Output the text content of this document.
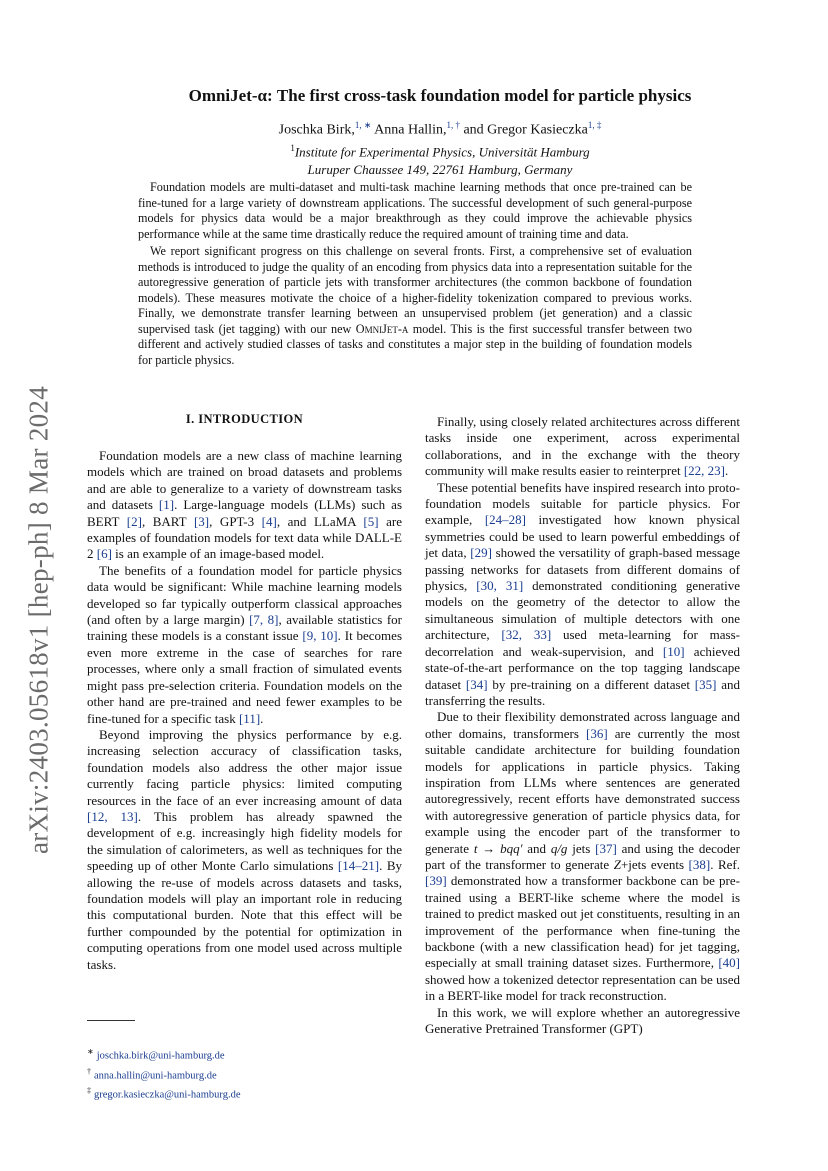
arXiv:2403.05618v1 [hep-ph] 8 Mar 2024
OmniJet-α: The first cross-task foundation model for particle physics
Joschka Birk,$^{1, ∗}$ Anna Hallin,$^{1, \dagger}$ and Gregor Kasieczka$^{1, \ddagger}$
$^1$Institute for Experimental Physics, Universität Hamburg
Luruper Chaussee 149, 22761 Hamburg, Germany

Foundation models are multi-dataset and multi-task machine learning methods that once pre-trained can be fine-tuned for a large variety of downstream applications. The successful development of such general-purpose models for physics data would be a major breakthrough as they could improve the achievable physics performance while at the same time drastically reduce the required amount of training time and data.

We report significant progress on this challenge on several fronts. First, a comprehensive set of evaluation methods is introduced to judge the quality of an encoding from physics data into a representation suitable for the autoregressive generation of particle jets with transformer architectures (the common backbone of foundation models). These measures motivate the choice of a higher-fidelity tokenization compared to previous works. Finally, we demonstrate transfer learning between an unsupervised problem (jet generation) and a classic supervised task (jet tagging) with our new OmniJet-α model. This is the first successful transfer between two different and actively studied classes of tasks and constitutes a major step in the building of foundation models for particle physics.

I. INTRODUCTION

Foundation models are a new class of machine learning models which are trained on broad datasets and problems and are able to generalize to a variety of downstream tasks and datasets [1]. Large-language models (LLMs) such as BERT [2], BART [3], GPT-3 [4], and LLaMA [5] are examples of foundation models for text data while DALL-E 2 [6] is an example of an image-based model.

The benefits of a foundation model for particle physics data would be significant: While machine learning models developed so far typically outperform classical approaches (and often by a large margin) [7, 8], available statistics for training these models is a constant issue [9, 10]. It becomes even more extreme in the case of searches for rare processes, where only a small fraction of simulated events might pass pre-selection criteria. Foundation models on the other hand are pre-trained and need fewer examples to be fine-tuned for a specific task [11].

Beyond improving the physics performance by e.g. increasing selection accuracy of classification tasks, foundation models also address the other major issue currently facing particle physics: limited computing resources in the face of an ever increasing amount of data [12, 13]. This problem has already spawned the development of e.g. increasingly high fidelity models for the simulation of calorimeters, as well as techniques for the speeding up of other Monte Carlo simulations [14–21]. By allowing the re-use of models across datasets and tasks, foundation models will play an important role in reducing this computational burden. Note that this effect will be further compounded by the potential for optimization in computing operations from one model used across multiple tasks.

Finally, using closely related architectures across different tasks inside one experiment, across experimental collaborations, and in the exchange with the theory community will make results easier to reinterpret [22, 23].

These potential benefits have inspired research into proto-foundation models suitable for particle physics. For example, [24–28] investigated how known physical symmetries could be used to learn powerful embeddings of jet data, [29] showed the versatility of graph-based message passing networks for datasets from different domains of physics, [30, 31] demonstrated conditioning generative models on the geometry of the detector to allow the simultaneous simulation of multiple detectors with one architecture, [32, 33] used meta-learning for mass-decorrelation and weak-supervision, and [10] achieved state-of-the-art performance on the top tagging landscape dataset [34] by pre-training on a different dataset [35] and transferring the results.

Due to their flexibility demonstrated across language and other domains, transformers [36] are currently the most suitable candidate architecture for building foundation models for applications in particle physics. Taking inspiration from LLMs where sentences are generated autoregressively, recent efforts have demonstrated success with autoregressive generation of particle physics data, for example using the encoder part of the transformer to generate t → bqq′ and q/g jets [37] and using the decoder part of the transformer to generate Z+jets events [38]. Ref. [39] demonstrated how a transformer backbone can be pre-trained using a BERT-like scheme where the model is trained to predict masked out jet constituents, resulting in an improvement of the performance when fine-tuning the backbone (with a new classification head) for jet tagging, especially at small training dataset sizes. Furthermore, [40] showed how a tokenized detector representation can be used in a BERT-like model for track reconstruction.

In this work, we will explore whether an autoregressive Generative Pretrained Transformer (GPT)

∗ joschka.birk@uni-hamburg.de
† anna.hallin@uni-hamburg.de
‡ gregor.kasieczka@uni-hamburg.de
